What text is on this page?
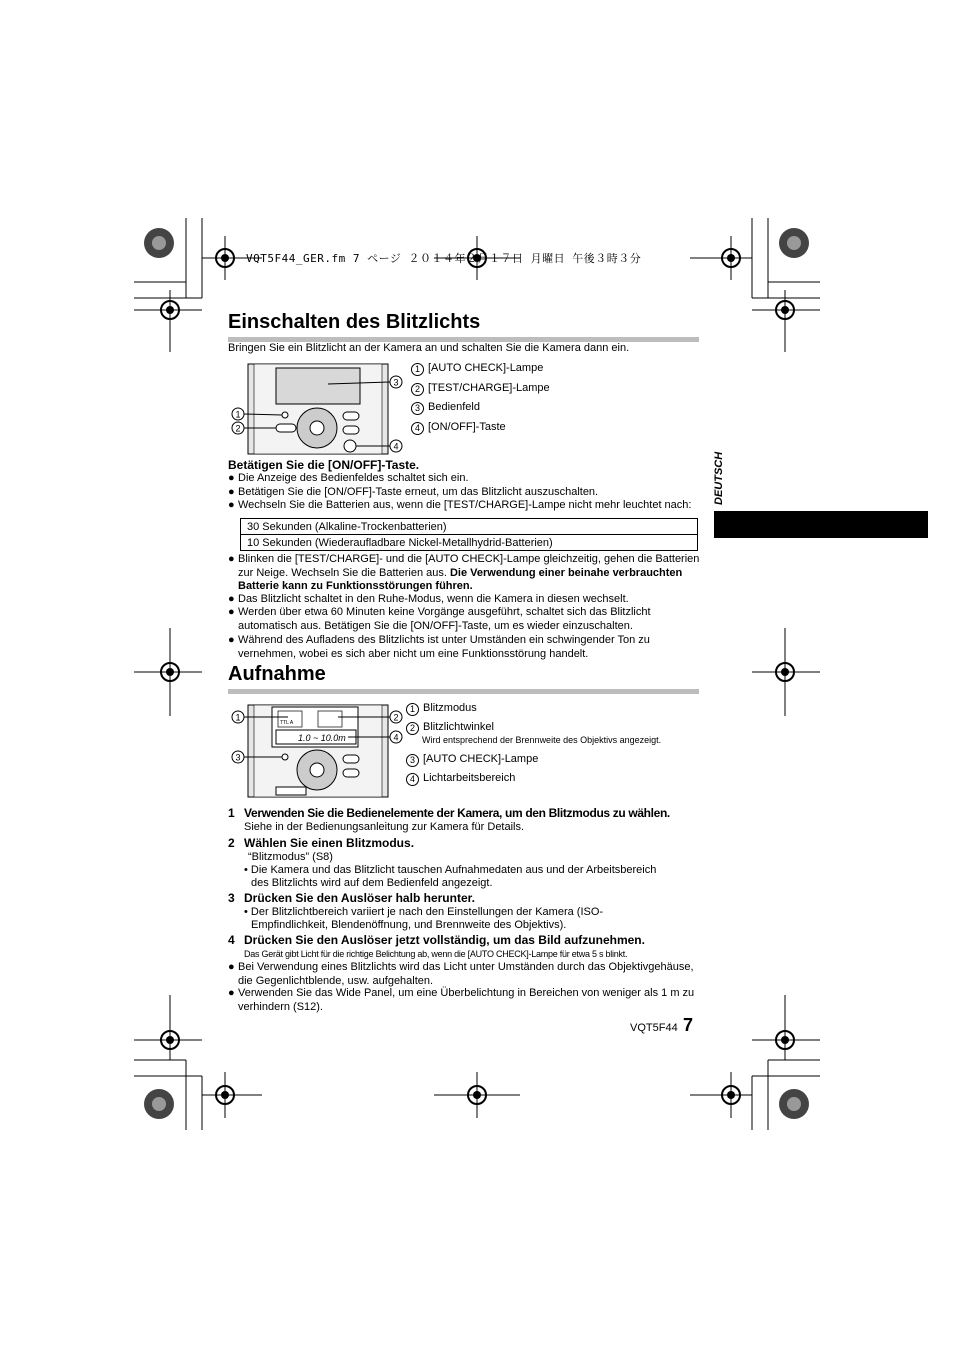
VQT5F44_GER.fm 7 ページ ２０１４年２月１７日 月曜日 午後３時３分
Einschalten des Blitzlichts
Bringen Sie ein Blitzlicht an der Kamera an und schalten Sie die Kamera dann ein.
1
2
3
4
1 [AUTO CHECK]-Lampe
2 [TEST/CHARGE]-Lampe
3 Bedienfeld
4 [ON/OFF]-Taste
Betätigen Sie die [ON/OFF]-Taste.
● Die Anzeige des Bedienfeldes schaltet sich ein.
● Betätigen Sie die [ON/OFF]-Taste erneut, um das Blitzlicht auszuschalten.
● Wechseln Sie die Batterien aus, wenn die [TEST/CHARGE]-Lampe nicht mehr leuchtet nach:
30 Sekunden (Alkaline-Trockenbatterien)
10 Sekunden (Wiederaufladbare Nickel-Metallhydrid-Batterien)
● Blinken die [TEST/CHARGE]- und die [AUTO CHECK]-Lampe gleichzeitig, gehen die Batterien zur Neige. Wechseln Sie die Batterien aus. Die Verwendung einer beinahe verbrauchten Batterie kann zu Funktionsstörungen führen.
● Das Blitzlicht schaltet in den Ruhe-Modus, wenn die Kamera in diesen wechselt.
● Werden über etwa 60 Minuten keine Vorgänge ausgeführt, schaltet sich das Blitzlicht automatisch aus. Betätigen Sie die [ON/OFF]-Taste, um es wieder einzuschalten.
● Während des Aufladens des Blitzlichts ist unter Umständen ein schwingender Ton zu vernehmen, wobei es sich aber nicht um eine Funktionsstörung handelt.
Aufnahme
TTL A
1.0 ~ 10.0m
1
3
2
4
1 Blitzmodus
2 Blitzlichtwinkel
Wird entsprechend der Brennweite des Objektivs angezeigt.
3 [AUTO CHECK]-Lampe
4 Lichtarbeitsbereich
1 Verwenden Sie die Bedienelemente der Kamera, um den Blitzmodus zu wählen.
Siehe in der Bedienungsanleitung zur Kamera für Details.
2 Wählen Sie einen Blitzmodus.
“Blitzmodus” (S8)
• Die Kamera und das Blitzlicht tauschen Aufnahmedaten aus und der Arbeitsbereich
des Blitzlichts wird auf dem Bedienfeld angezeigt.
3 Drücken Sie den Auslöser halb herunter.
• Der Blitzlichtbereich variiert je nach den Einstellungen der Kamera (ISO-
Empfindlichkeit, Blendenöffnung, und Brennweite des Objektivs).
4 Drücken Sie den Auslöser jetzt vollständig, um das Bild aufzunehmen.
Das Gerät gibt Licht für die richtige Belichtung ab, wenn die [AUTO CHECK]-Lampe für etwa 5 s blinkt.
● Bei Verwendung eines Blitzlichts wird das Licht unter Umständen durch das Objektivgehäuse, die Gegenlichtblende, usw. aufgehalten.
● Verwenden Sie das Wide Panel, um eine Überbelichtung in Bereichen von weniger als 1 m zu verhindern (S12).
DEUTSCH
VQT5F44 7
